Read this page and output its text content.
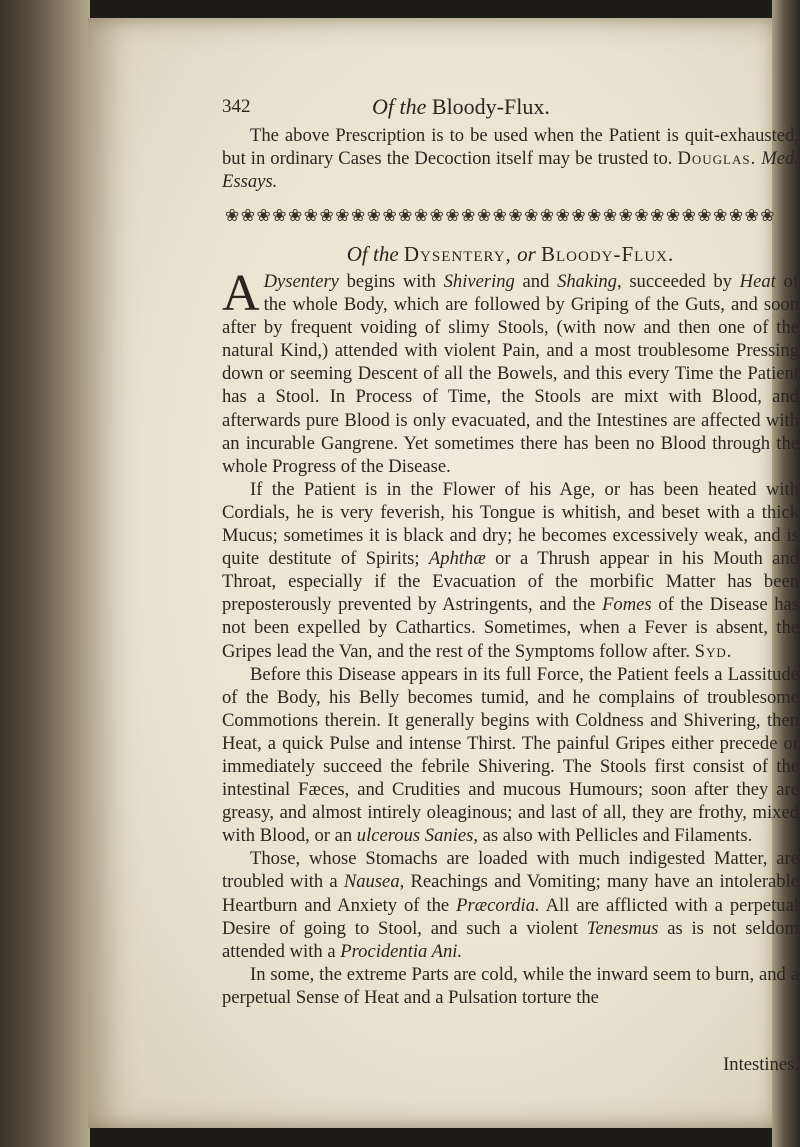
342	Of the Bloody-Flux.

The above Prescription is to be used when the Patient is quit-exhausted, but in ordinary Cases the Decoction itself may be trusted to. Douglas. Med. Essays.

❀❀❀❀❀❀❀❀❀❀❀❀❀❀❀❀❀❀❀❀❀❀❀❀❀❀❀❀❀❀❀❀❀❀❀
Of the Dysentery, or Bloody-Flux.

A Dysentery begins with Shivering and Shaking, succeeded by Heat of the whole Body, which are followed by Griping of the Guts, and soon after by frequent voiding of slimy Stools, (with now and then one of the natural Kind,) attended with violent Pain, and a most troublesome Pressing down or seeming Descent of all the Bowels, and this every Time the Patient has a Stool. In Process of Time, the Stools are mixt with Blood, and afterwards pure Blood is only evacuated, and the Intestines are affected with an incurable Gangrene. Yet sometimes there has been no Blood through the whole Progress of the Disease.

If the Patient is in the Flower of his Age, or has been heated with Cordials, he is very feverish, his Tongue is whitish, and beset with a thick Mucus; sometimes it is black and dry; he becomes excessively weak, and is quite destitute of Spirits; Aphthæ or a Thrush appear in his Mouth and Throat, especially if the Evacuation of the morbific Matter has been preposterously prevented by Astringents, and the Fomes of the Disease has not been expelled by Cathartics. Sometimes, when a Fever is absent, the Gripes lead the Van, and the rest of the Symptoms follow after. Syd.

Before this Disease appears in its full Force, the Patient feels a Lassitude of the Body, his Belly becomes tumid, and he complains of troublesome Commotions therein. It generally begins with Coldness and Shivering, then Heat, a quick Pulse and intense Thirst. The painful Gripes either precede or immediately succeed the febrile Shivering. The Stools first consist of the intestinal Fæces, and Crudities and mucous Humours; soon after they are greasy, and almost intirely oleaginous; and last of all, they are frothy, mixed with Blood, or an ulcerous Sanies, as also with Pellicles and Filaments.

Those, whose Stomachs are loaded with much indigested Matter, are troubled with a Nausea, Reachings and Vomiting; many have an intolerable Heartburn and Anxiety of the Præcordia. All are afflicted with a perpetual Desire of going to Stool, and such a violent Tenesmus as is not seldom attended with a Procidentia Ani.

In some, the extreme Parts are cold, while the inward seem to burn, and a perpetual Sense of Heat and a Pulsation torture the

Intestines.
